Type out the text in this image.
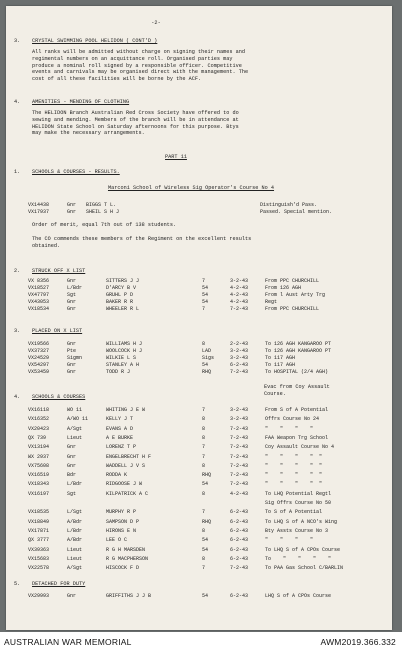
-2-
3. CRYSTAL SWIMMING POOL HELIDON ( CONT'D )
All ranks will be admitted without charge on signing their names and
regimental numbers on an acquittance roll. Organised parties may
produce a nominal roll signed by a responsible officer. Competitive
events and carnivals may be organised direct with the management. The
cost of all these facilities will be borne by the ACF.
4. AMENITIES - MENDING OF CLOTHING
The HELIDON Branch Australian Red Cross Society have offered to do
sewing and mending. Members of the branch will be in attendance at
HELIDON State School on Saturday afternoons for this purpose. Btys
may make the necessary arrangements.
PART 11
1. SCHOOLS & COURSES - RESULTS.
Marconi School of Wireless Sig Operator's Course No 4
VX14438	Gnr BIGGS T L.	Distinguish'd Pass.
VX17937	Gnr SHEIL S H J	Passed. Special mention.
Order of merit, equal 7th out of 138 students.
The CO commends these members of the Regiment on the excellent results
obtained.
2. STRUCK OFF X LIST
VX 8356	Gnr	SITTERS J J	7	3-2-43	From PPC CHURCHILL
VX18527	L/Bdr	D'ARCY B V	54	4-2-43	From 126 AGH
VX47797	Sgt	GRUHL P D	54	4-2-43	From l Aust Arty Trg
VX43053	Gnr	BAKER R R	54	4-2-43	Regt
VX18534	Gnr	WHEELER R L	7	7-2-43	From PPC CHURCHILL
3. PLACED ON X LIST
VX19566	Gnr	WILLIAMS H J	8	2-2-43	To 126 AGH KANGAROO PT
VX37327	Pte	WOOLCOCK H J	LAD	3-2-43	To 126 AGH KANGAROO PT
VX24529	Sigmn	WILKIE L S	Sigs	3-2-43	To 117 AGH
VX54297	Gnr	STANLEY A H	54	6-2-43	To 117 AGH
VX53459	Gnr	TODD R J	RHQ	7-2-43	To HOSPITAL (2/4 AGH)
Evac from Coy Assault
Course.
4. SCHOOLS & COURSES
VX16118	WO 11	WHITING J E W	7	3-2-43	From S of A Potential
VX16352	A/WO 11	KELLY J T	8	3-2-43	Offrs Course No 24
VX20423	A/Sgt	EVANS A D	8	7-2-43	"    "    "    "
QX 739	Lieut	A E BURKE	8	7-2-43	FAA Weapon Trg School
VX13194	Gnr	LORENZ T P	7	7-2-43	Coy Assault Course No 4
WX 2937	Gnr	ENGELBRECHT H F	7	7-2-43	"    "    "    "  "
VX75608	Gnr	WADDELL J V S	8	7-2-43	"    "    "    "  "
VX16519	Bdr	RODDA K	RHQ	7-2-43	"    "    "    "  "
VX18343	L/Bdr	RIDGOOSE J W	54	7-2-43	"    "    "    "  "
VX16197	Sgt	KILPATRICK A C	8	4-2-43	To LHQ Potential Regtl
Sig Offrs Course No 50
VX18535	L/Sgt	MURPHY R P	7	6-2-43	To S of A Potential
VX18849	A/Bdr	SAMPSON D P	RHQ	6-2-43	To LHQ S of A NCO's Wing
VX17871	L/Bdr	HIRONS E N	8	6-2-43	Bty Assts Course No 3
QX 3777	A/Bdr	LEE O C	54	6-2-43	"    "    "    "
VX39363	Lieut	R G H MARSDEN	54	6-2-43	To LHQ S of A CPOs Course
VX15683	Lieut	R G MACPHERSON	8	6-2-43	To    "    "    "    "
VX22578	A/Sgt	HISCOCK F D	7	7-2-43	To PAA Gas School C/BARLIN
5. DETACHED FOR DUTY
VX29993	Gnr	GRIFFITHS J J B	54	6-2-43	LHQ S of A CPOs Course
AUSTRALIAN WAR MEMORIAL	AWM2019.366.332
